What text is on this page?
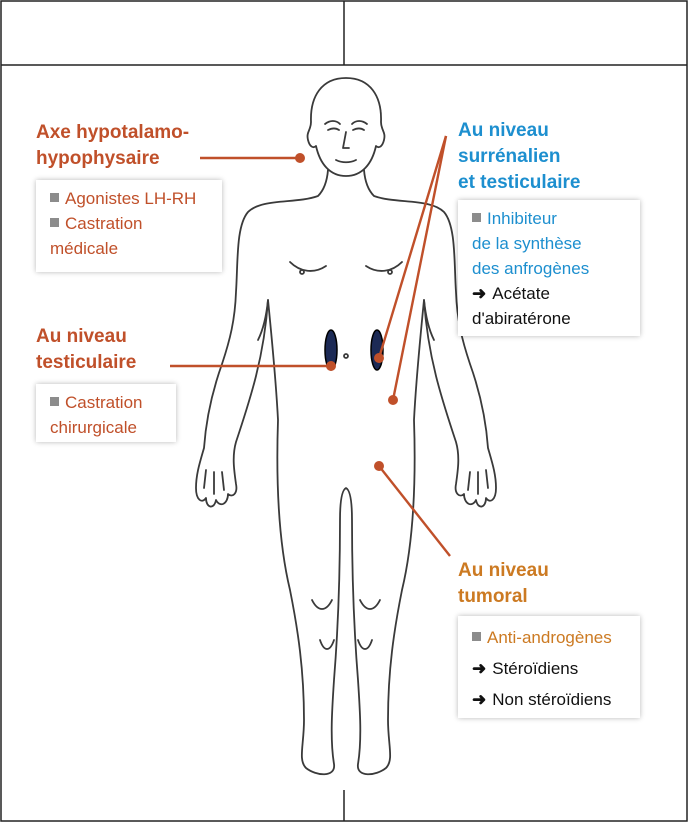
Axe hypotalamo-
hypophysaire
Agonistes LH-RH
Castration
médicale
Au niveau
testiculaire
Castration
chirurgicale
Au niveau
surrénalien
et testiculaire
Inhibiteur
de la synthèse
des anfrogènes
➜ Acétate
d'abiratérone
Au niveau
tumoral
Anti-androgènes
➜ Stéroïdiens
➜ Non stéroïdiens
